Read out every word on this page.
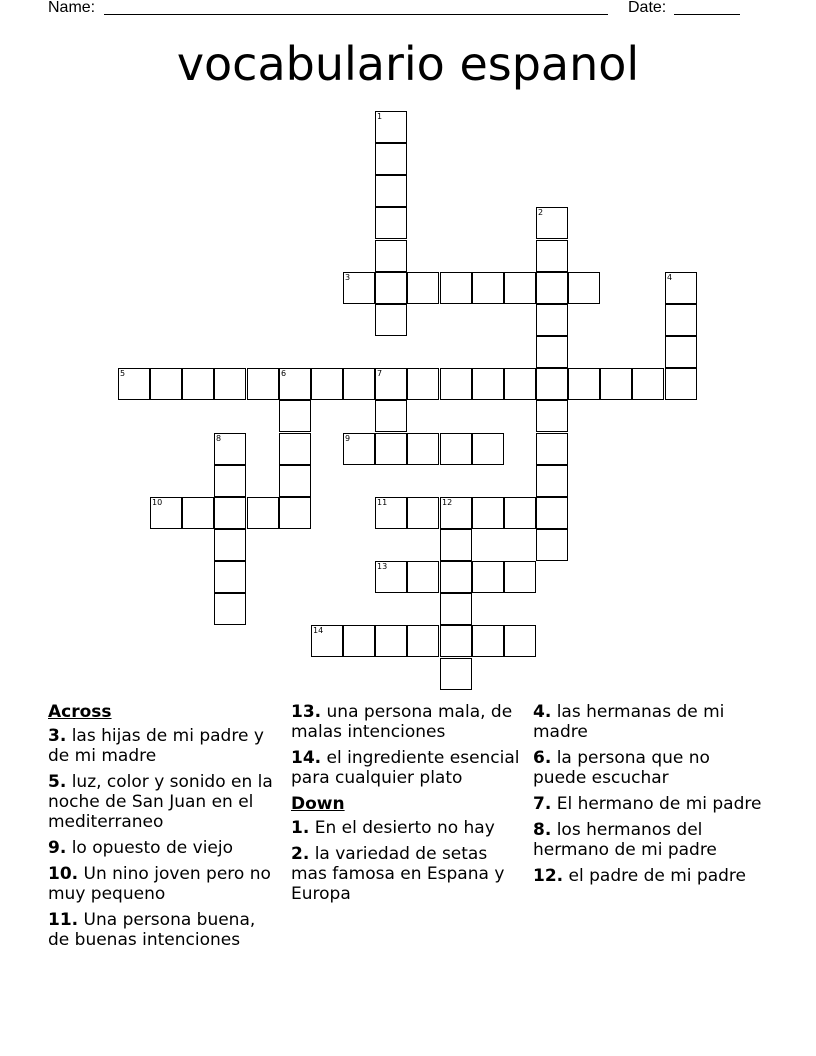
Name:	Date:
vocabulario espanol
1
2
3	4
5	6	7
8	9
10	11	12
13
14
Across
3. las hijas de mi padre y de mi madre
5. luz, color y sonido en la noche de San Juan en el mediterraneo
9. lo opuesto de viejo
10. Un nino joven pero no muy pequeno
11. Una persona buena, de buenas intenciones
13. una persona mala, de malas intenciones
14. el ingrediente esencial para cualquier plato
Down
1. En el desierto no hay
2. la variedad de setas mas famosa en Espana y Europa
4. las hermanas de mi madre
6. la persona que no puede escuchar
7. El hermano de mi padre
8. los hermanos del hermano de mi padre
12. el padre de mi padre
